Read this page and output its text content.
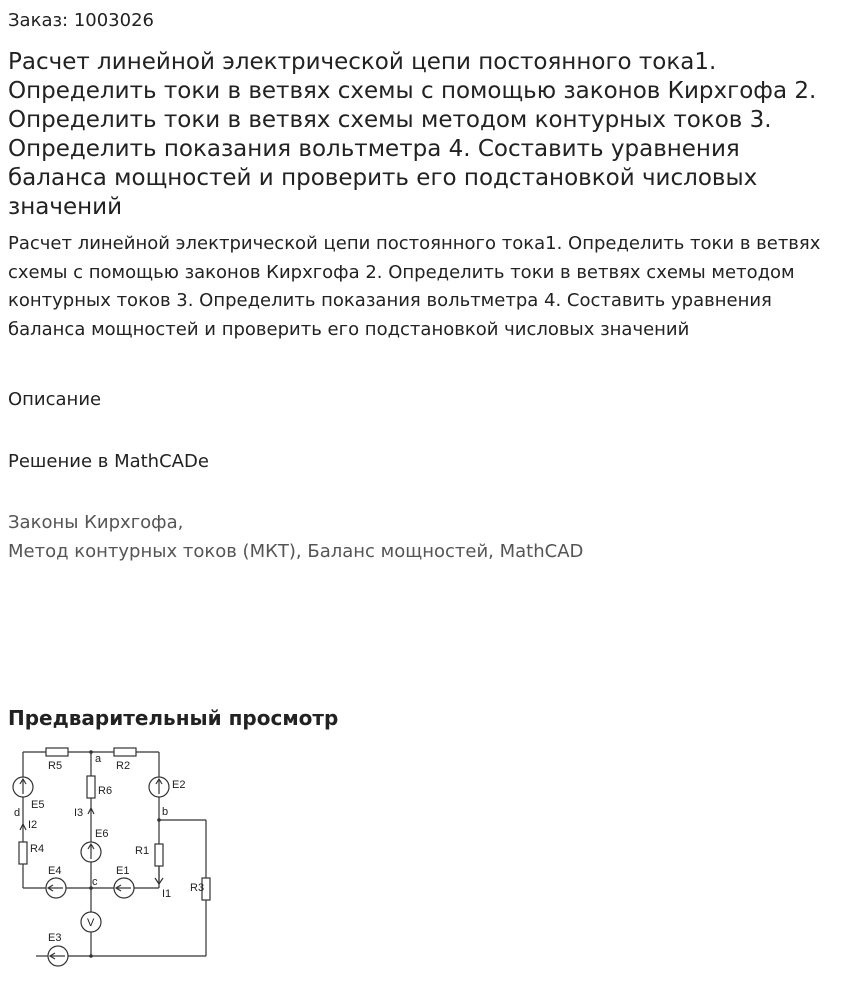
Заказ: 1003026
Расчет линейной электрической цепи постоянного тока1. Определить токи в ветвях схемы с помощью законов Кирхгофа 2. Определить токи в ветвях схемы методом контурных токов 3. Определить показания вольтметра 4. Составить уравнения баланса мощностей и проверить его подстановкой числовых значений
Расчет линейной электрической цепи постоянного тока1. Определить токи в ветвях схемы с помощью законов Кирхгофа 2. Определить токи в ветвях схемы методом контурных токов 3. Определить показания вольтметра 4. Составить уравнения баланса мощностей и проверить его подстановкой числовых значений
Описание
Решение в MathCADe
Законы Кирхгофа,
Метод контурных токов (МКТ), Баланс мощностей, MathCAD
Предварительный просмотр
R5	R2
a
R6	E2
E5
d
I2
I3	b
E6
R1
R4
E4	E1
c
I1 R3
V
E3
